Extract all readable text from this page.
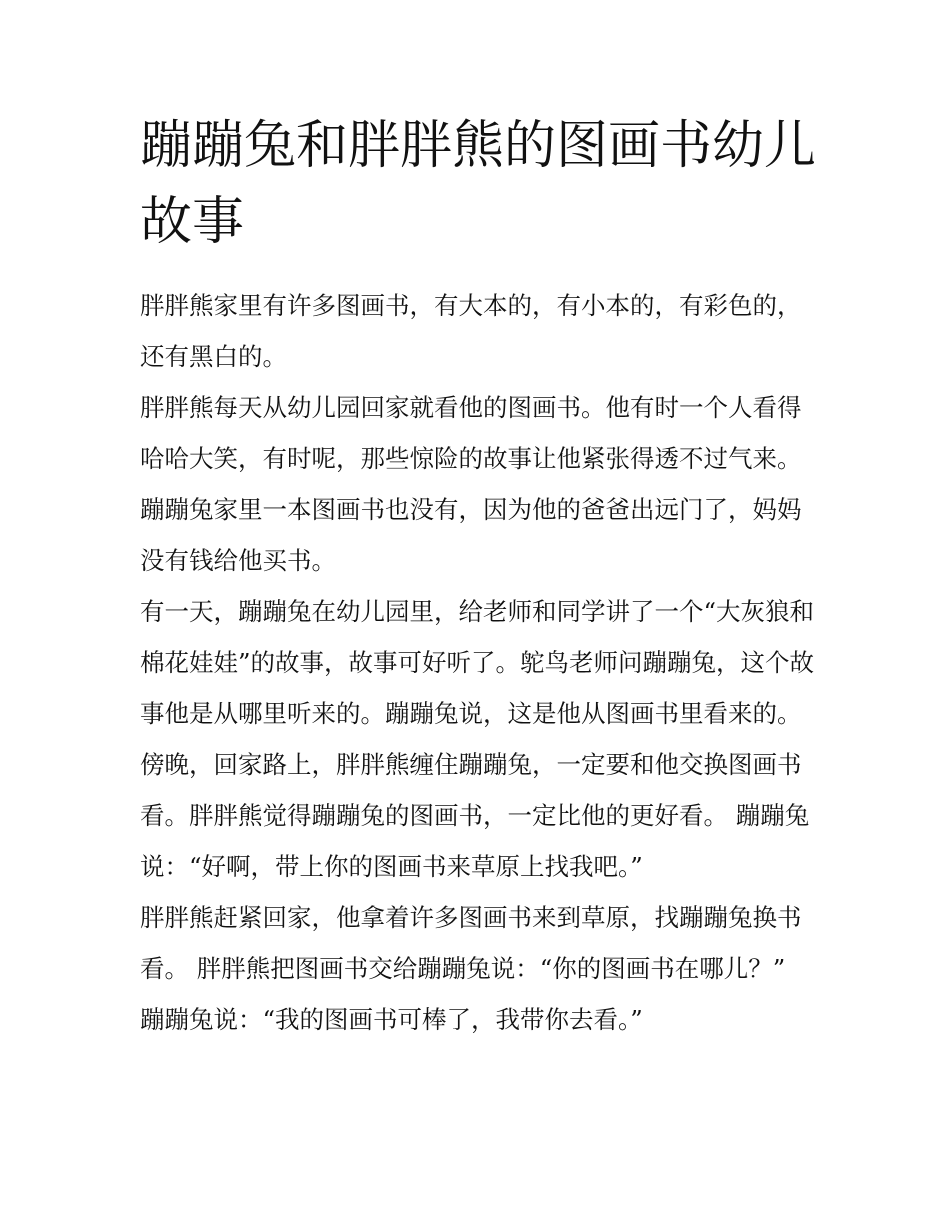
蹦蹦兔和胖胖熊的图画书幼儿故事

胖胖熊家里有许多图画书，有大本的，有小本的，有彩色的，还有黑白的。

胖胖熊每天从幼儿园回家就看他的图画书。他有时一个人看得哈哈大笑，有时呢，那些惊险的故事让他紧张得透不过气来。

蹦蹦兔家里一本图画书也没有，因为他的爸爸出远门了，妈妈没有钱给他买书。

有一天，蹦蹦兔在幼儿园里，给老师和同学讲了一个“大灰狼和棉花娃娃”的故事，故事可好听了。鸵鸟老师问蹦蹦兔，这个故事他是从哪里听来的。蹦蹦兔说，这是他从图画书里看来的。

傍晚，回家路上，胖胖熊缠住蹦蹦兔，一定要和他交换图画书看。胖胖熊觉得蹦蹦兔的图画书，一定比他的更好看。 蹦蹦兔说：“好啊，带上你的图画书来草原上找我吧。”

胖胖熊赶紧回家，他拿着许多图画书来到草原，找蹦蹦兔换书看。 胖胖熊把图画书交给蹦蹦兔说：“你的图画书在哪儿？”

蹦蹦兔说：“我的图画书可棒了，我带你去看。”
